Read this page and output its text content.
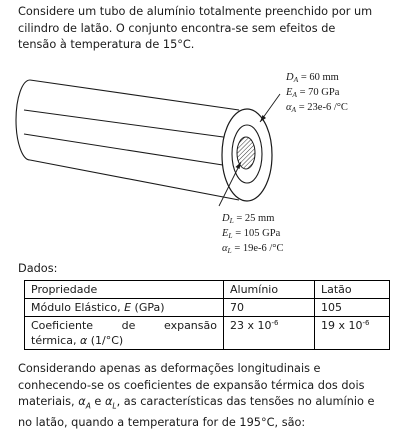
Considere um tubo de alumínio totalmente preenchido por um
cilindro de latão. O conjunto encontra-se sem efeitos de
tensão à temperatura de 15°C.
DA = 60 mm
EA = 70 GPa
αA = 23e-6 /°C
DL = 25 mm
EL = 105 GPa
αL = 19e-6 /°C
Dados:
Propriedade	Alumínio	Latão
Módulo Elástico, E (GPa)	70	105

Coeficiente de expansão
térmica, α (1/°C)	23 x $10^{-6}$	19 x $10^{-6}$
Considerando apenas as deformações longitudinais e
conhecendo-se os coeficientes de expansão térmica dos dois
materiais, $\alpha_A$ e $\alpha_L$, as características das tensões no alumínio e
no latão, quando a temperatura for de 195°C, são:
